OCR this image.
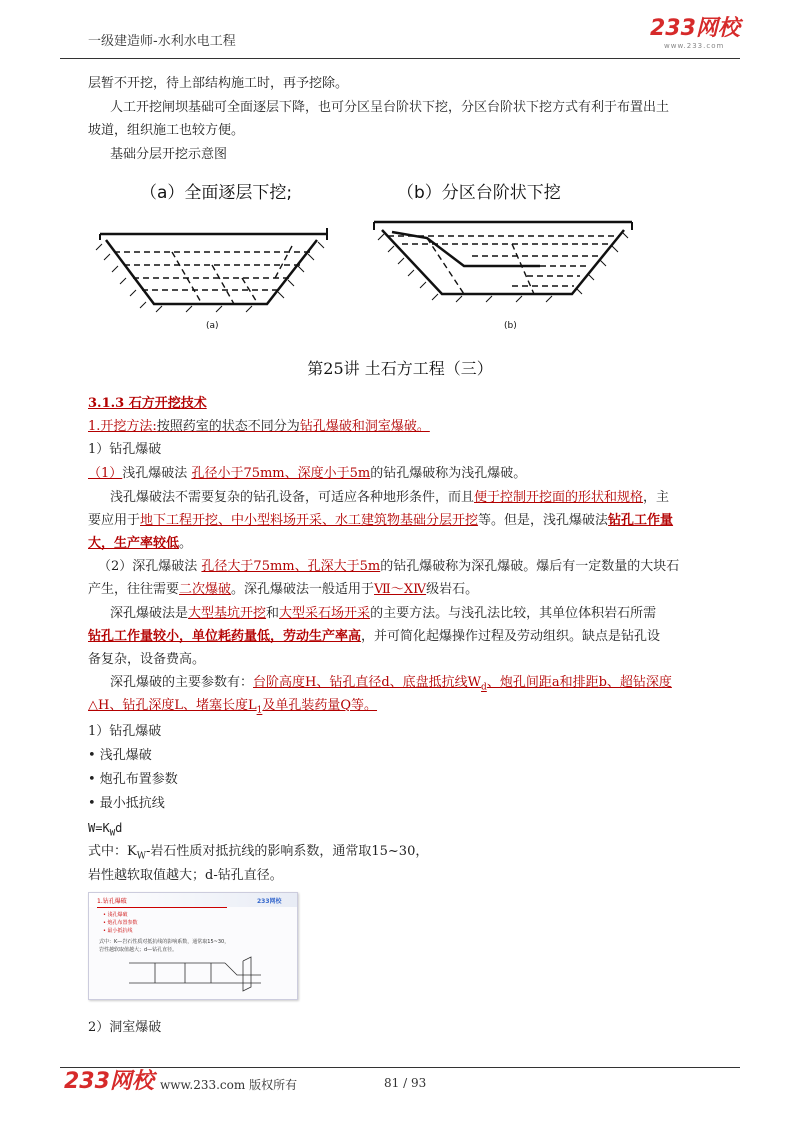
一级建造师-水利水电工程
233网校
www.233.com
层暂不开挖，待上部结构施工时，再予挖除。
人工开挖闸坝基础可全面逐层下降，也可分区呈台阶状下挖，分区台阶状下挖方式有利于布置出土
坡道，组织施工也较方便。
基础分层开挖示意图
（a）全面逐层下挖;	（b）分区台阶状下挖
(a)	(b)
第25讲 土石方工程（三）
3.1.3 石方开挖技术
1.开挖方法:按照药室的状态不同分为钻孔爆破和洞室爆破。
1）钻孔爆破
（1）浅孔爆破法 孔径小于75mm、深度小于5m的钻孔爆破称为浅孔爆破。
浅孔爆破法不需要复杂的钻孔设备，可适应各种地形条件，而且便于控制开挖面的形状和规格，主
要应用于地下工程开挖、中小型料场开采、水工建筑物基础分层开挖等。但是，浅孔爆破法钻孔工作量
大，生产率较低。
（2）深孔爆破法 孔径大于75mm、孔深大于5m的钻孔爆破称为深孔爆破。爆后有一定数量的大块石
产生，往往需要二次爆破。深孔爆破法一般适用于Ⅶ～ⅩⅣ级岩石。
深孔爆破法是大型基坑开挖和大型采石场开采的主要方法。与浅孔法比较，其单位体积岩石所需
钻孔工作量较小，单位耗药量低，劳动生产率高，并可简化起爆操作过程及劳动组织。缺点是钻孔设
备复杂，设备费高。
深孔爆破的主要参数有：台阶高度H、钻孔直径d、底盘抵抗线$W_d$、炮孔间距a和排距b、超钻深度
△H、钻孔深度L、堵塞长度$L_1$及单孔装药量Q等。
1）钻孔爆破
• 浅孔爆破
• 炮孔布置参数
• 最小抵抗线
$W=K_Wd$
式中：$K_W-$岩石性质对抵抗线的影响系数，通常取15~30，
岩性越软取值越大；d-钻孔直径。
1.钻孔爆破	233网校
• 浅孔爆破
• 炮孔布置参数
• 最小抵抗线
式中：K—岩石性质对抵抗线的影响系数，通常取15~30，
岩性越软取值越大；d—钻孔直径。
2）洞室爆破
233网校 www.233.com 版权所有	81 / 93
